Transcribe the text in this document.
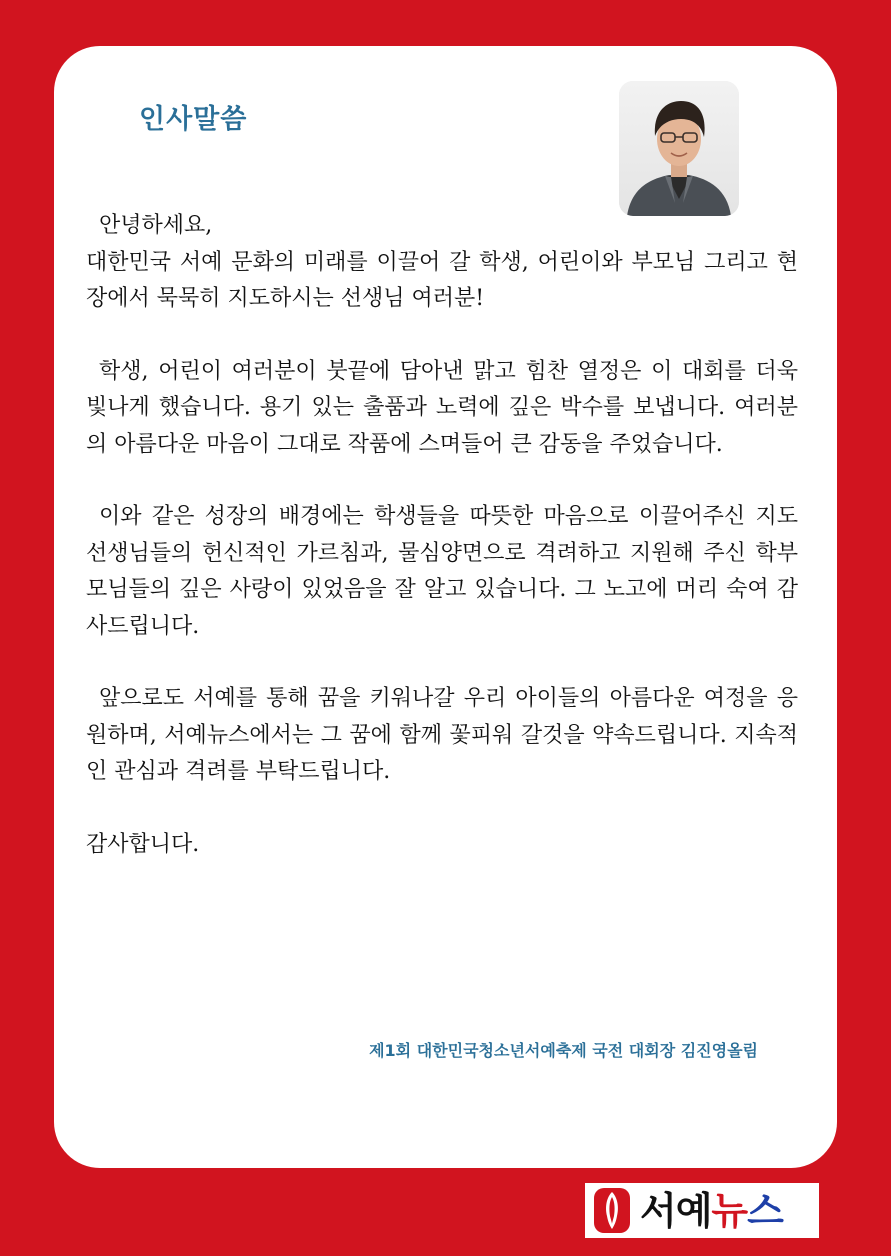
인사말씀

안녕하세요,

대한민국 서예 문화의 미래를 이끌어 갈 학생, 어린이와 부모님 그리고 현장에서 묵묵히 지도하시는 선생님 여러분!

학생, 어린이 여러분이 붓끝에 담아낸 맑고 힘찬 열정은 이 대회를 더욱 빛나게 했습니다. 용기 있는 출품과 노력에 깊은 박수를 보냅니다. 여러분의 아름다운 마음이 그대로 작품에 스며들어 큰 감동을 주었습니다.

이와 같은 성장의 배경에는 학생들을 따뜻한 마음으로 이끌어주신 지도 선생님들의 헌신적인 가르침과, 물심양면으로 격려하고 지원해 주신 학부모님들의 깊은 사랑이 있었음을 잘 알고 있습니다. 그 노고에 머리 숙여 감사드립니다.

앞으로도 서예를 통해 꿈을 키워나갈 우리 아이들의 아름다운 여정을 응원하며, 서예뉴스에서는 그 꿈에 함께 꽃피워 갈것을 약속드립니다. 지속적인 관심과 격려를 부탁드립니다.

감사합니다.

제1회 대한민국청소년서예축제 국전 대회장 김진영올림
서예뉴스
